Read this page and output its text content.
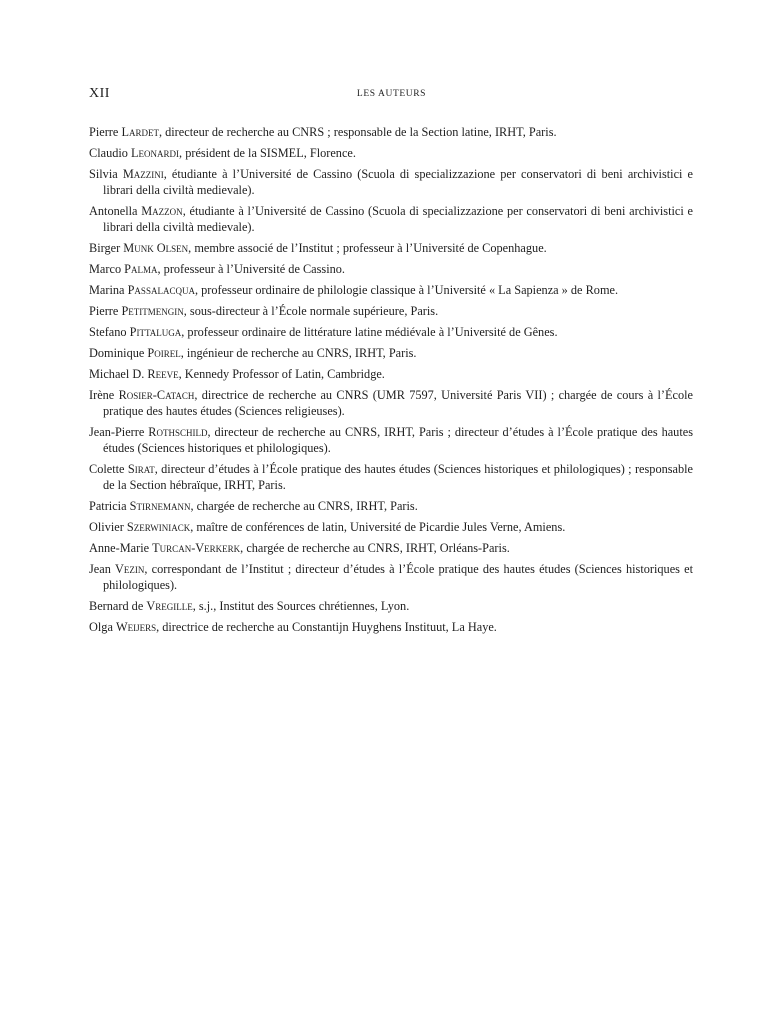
XII	LES AUTEURS
Pierre Lardet, directeur de recherche au CNRS ; responsable de la Section latine, IRHT, Paris.
Claudio Leonardi, président de la SISMEL, Florence.
Silvia Mazzini, étudiante à l’Université de Cassino (Scuola di specializzazione per conservatori di beni archivistici e librari della civiltà medievale).
Antonella Mazzon, étudiante à l’Université de Cassino (Scuola di specializzazione per conservatori di beni archivistici e librari della civiltà medievale).
Birger Munk Olsen, membre associé de l’Institut ; professeur à l’Université de Copenhague.
Marco Palma, professeur à l’Université de Cassino.
Marina Passalacqua, professeur ordinaire de philologie classique à l’Université « La Sapienza » de Rome.
Pierre Petitmengin, sous-directeur à l’École normale supérieure, Paris.
Stefano Pittaluga, professeur ordinaire de littérature latine médiévale à l’Université de Gênes.
Dominique Poirel, ingénieur de recherche au CNRS, IRHT, Paris.
Michael D. Reeve, Kennedy Professor of Latin, Cambridge.
Irène Rosier-Catach, directrice de recherche au CNRS (UMR 7597, Université Paris VII) ; chargée de cours à l’École pratique des hautes études (Sciences religieuses).
Jean-Pierre Rothschild, directeur de recherche au CNRS, IRHT, Paris ; directeur d’études à l’École pratique des hautes études (Sciences historiques et philologiques).
Colette Sirat, directeur d’études à l’École pratique des hautes études (Sciences historiques et philologiques) ; responsable de la Section hébraïque, IRHT, Paris.
Patricia Stirnemann, chargée de recherche au CNRS, IRHT, Paris.
Olivier Szerwiniack, maître de conférences de latin, Université de Picardie Jules Verne, Amiens.
Anne-Marie Turcan-Verkerk, chargée de recherche au CNRS, IRHT, Orléans-Paris.
Jean Vezin, correspondant de l’Institut ; directeur d’études à l’École pratique des hautes études (Sciences historiques et philologiques).
Bernard de Vregille, s.j., Institut des Sources chrétiennes, Lyon.
Olga Weijers, directrice de recherche au Constantijn Huyghens Instituut, La Haye.
